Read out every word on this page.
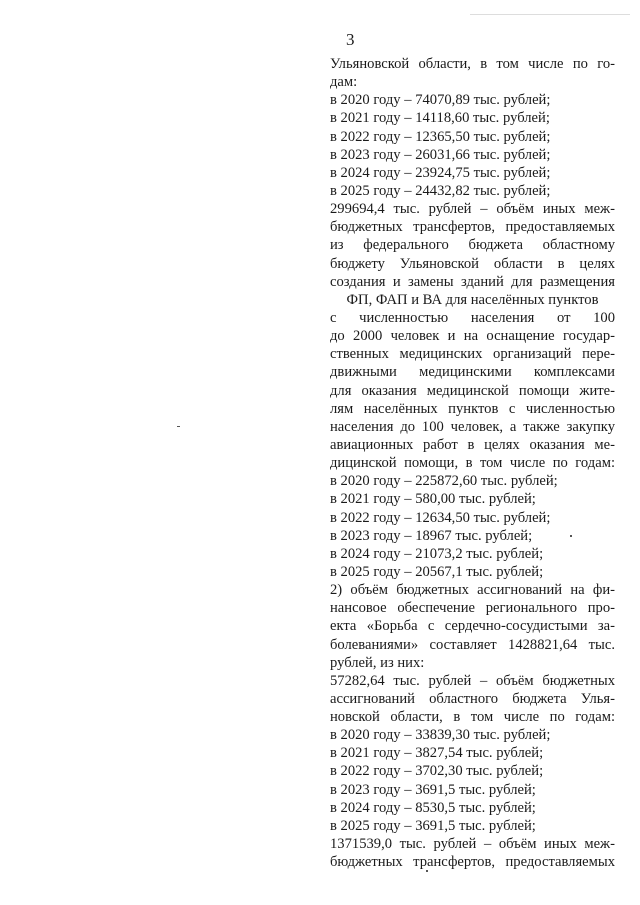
3
Ульяновской области, в том числе по го-
дам:
в 2020 году – 74070,89 тыс. рублей;
в 2021 году – 14118,60 тыс. рублей;
в 2022 году – 12365,50 тыс. рублей;
в 2023 году – 26031,66 тыс. рублей;
в 2024 году – 23924,75 тыс. рублей;
в 2025 году – 24432,82 тыс. рублей;
299694,4 тыс. рублей – объём иных меж-
бюджетных трансфертов, предоставляемых
из федерального бюджета областному
бюджету Ульяновской области в целях
создания и замены зданий для размещения
ФП, ФАП и ВА для населённых пунктов
с численностью населения от 100
до 2000 человек и на оснащение государ-
ственных медицинских организаций пере-
движными медицинскими комплексами
для оказания медицинской помощи жите-
лям населённых пунктов с численностью
населения до 100 человек, а также закупку
авиационных работ в целях оказания ме-
дицинской помощи, в том числе по годам:
в 2020 году – 225872,60 тыс. рублей;
в 2021 году – 580,00 тыс. рублей;
в 2022 году – 12634,50 тыс. рублей;
в 2023 году – 18967 тыс. рублей;
в 2024 году – 21073,2 тыс. рублей;
в 2025 году – 20567,1 тыс. рублей;
2) объём бюджетных ассигнований на фи-
нансовое обеспечение регионального про-
екта «Борьба с сердечно-сосудистыми за-
болеваниями» составляет 1428821,64 тыс.
рублей, из них:
57282,64 тыс. рублей – объём бюджетных
ассигнований областного бюджета Улья-
новской области, в том числе по годам:
в 2020 году – 33839,30 тыс. рублей;
в 2021 году – 3827,54 тыс. рублей;
в 2022 году – 3702,30 тыс. рублей;
в 2023 году – 3691,5 тыс. рублей;
в 2024 году – 8530,5 тыс. рублей;
в 2025 году – 3691,5 тыс. рублей;
1371539,0 тыс. рублей – объём иных меж-
бюджетных трансфертов, предоставляемых
